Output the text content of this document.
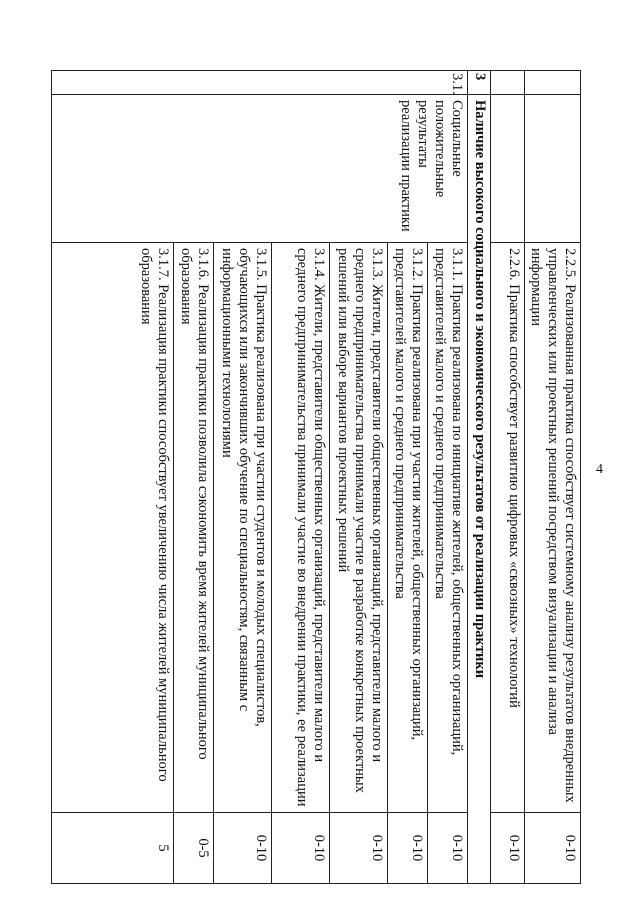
4
		2.2.5. Реализованная практика способствует системному анализу результатов внедренных управленческих или проектных решений посредством визуализации и анализа информации	0-10
		2.2.6. Практика способствует развитию цифровых «сквозных» технологий	0-10
3	Наличие высокого социального и экономического результатов от реализации практики		
3.1.	Социальные положительные результаты реализации практики	3.1.1. Практика реализована по инициативе жителей, общественных организаций, представителей малого и среднего предпринимательства	0-10
		3.1.2. Практика реализована при участии жителей, общественных организаций, представителей малого и среднего предпринимательства	0-10
		3.1.3. Жители, представители общественных организаций, представители малого и среднего предпринимательства принимали участие в разработке конкретных проектных решений или выборе вариантов проектных решений	0-10
		3.1.4. Жители, представители общественных организаций, представители малого и среднего предпринимательства принимали участие во внедрении практики, ее реализации	0-10
		3.1.5. Практика реализована при участии студентов и молодых специалистов, обучающихся или закончивших обучение по специальностям, связанным с информационными технологиями	0-10
		3.1.6. Реализация практики позволила сэкономить время жителей муниципального образования	0-5
		3.1.7. Реализация практики способствует увеличению числа жителей муниципального образования	5
